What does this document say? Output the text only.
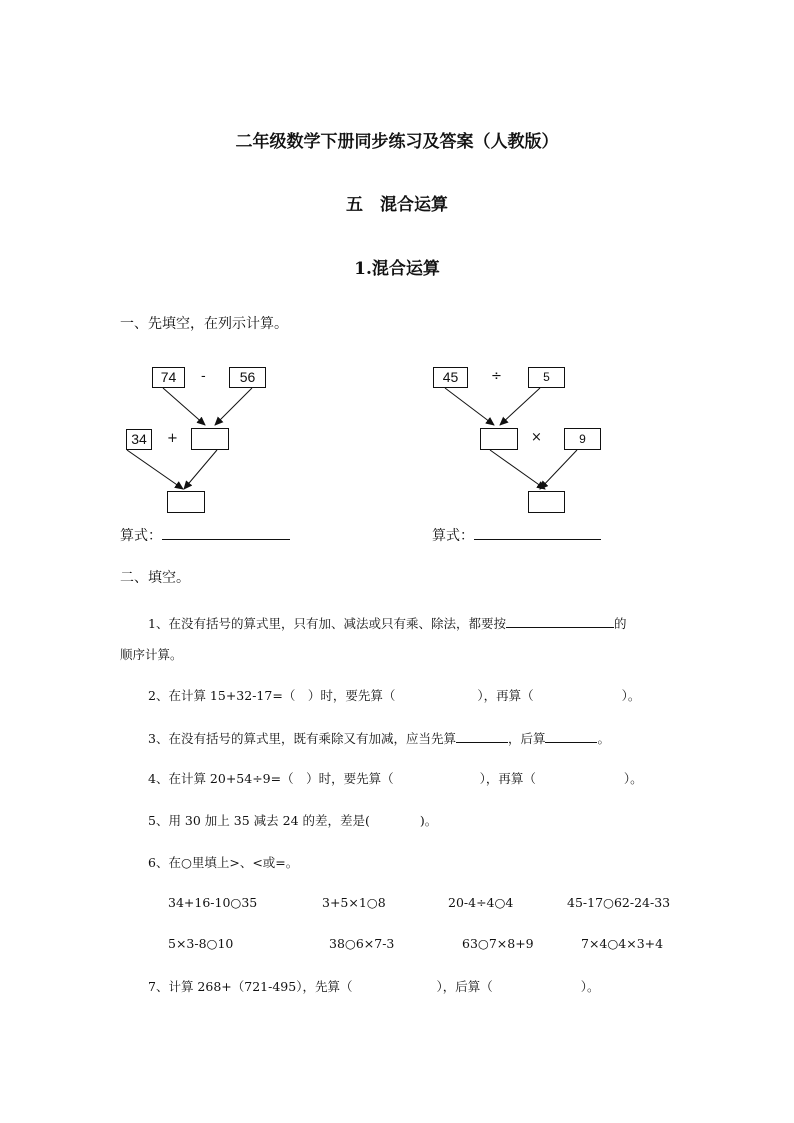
二年级数学下册同步练习及答案（人教版）
五　混合运算
1.混合运算
一、先填空，在列示计算。
74	-	56
34	+
算式：
45	÷	5
×	9
算式：
二、填空。
1、在没有括号的算式里，只有加、减法或只有乘、除法，都要按	的
顺序计算。
2、在计算 15+32-17=（　）时，要先算（	），再算（	）。
3、在没有括号的算式里，既有乘除又有加减，应当先算	，后算	。
4、在计算 20+54÷9=（　）时，要先算（	），再算（	）。
5、用 30 加上 35 减去 24 的差，差是(　　　　)。
6、在○里填上>、<或=。
34+16-10○35	3+5×1○8	20-4÷4○4	45-17○62-24-33
5×3-8○10	38○6×7-3	63○7×8+9	7×4○4×3+4
7、计算 268+（721-495），先算（	），后算（	）。
